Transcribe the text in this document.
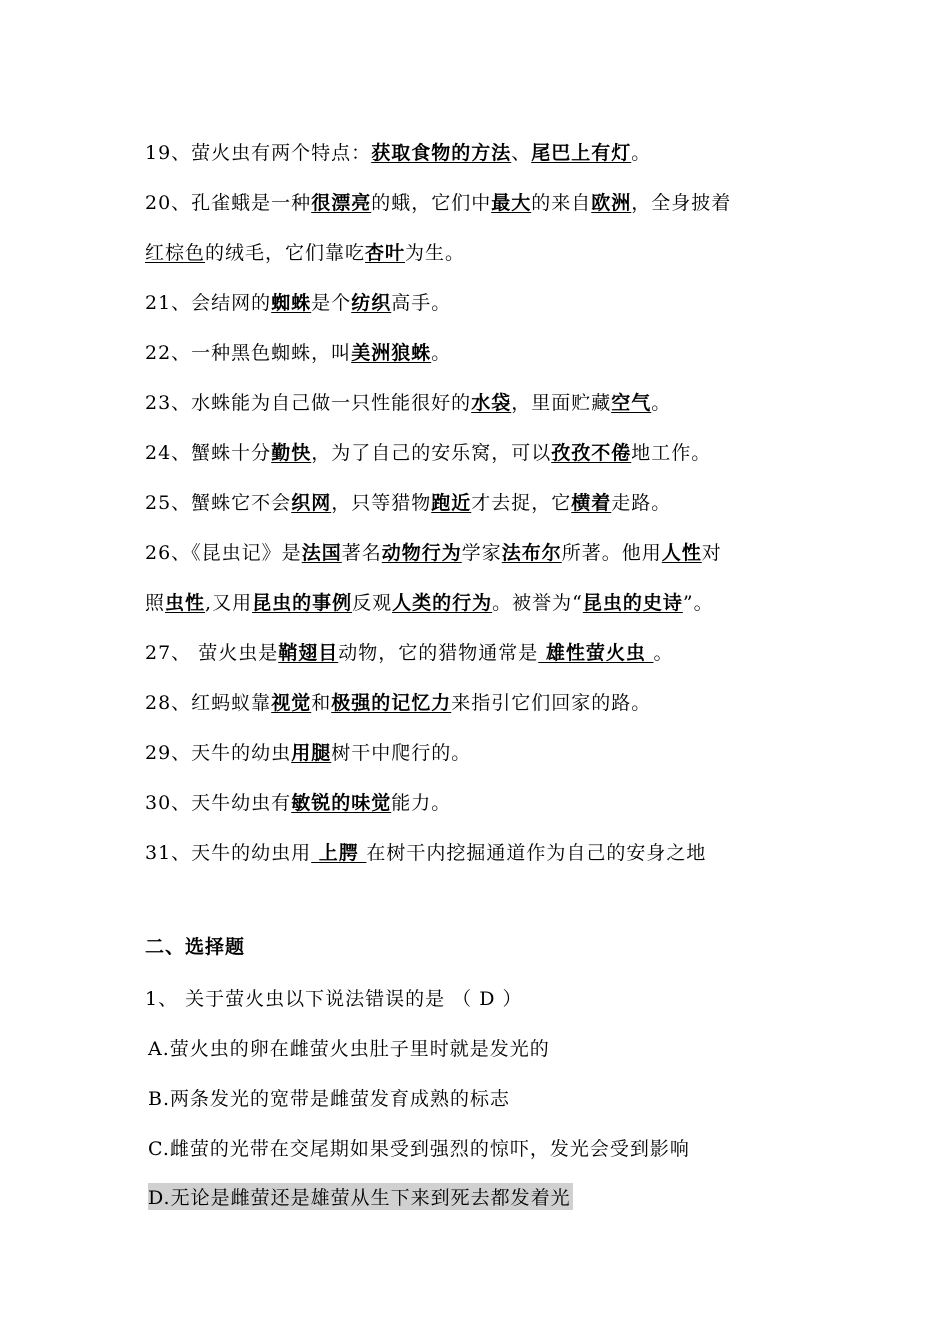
19、萤火虫有两个特点：获取食物的方法、尾巴上有灯。
20、孔雀蛾是一种很漂亮的蛾，它们中最大的来自欧洲，全身披着
红棕色的绒毛，它们靠吃杏叶为生。
21、会结网的蜘蛛是个纺织高手。
22、一种黑色蜘蛛，叫美洲狼蛛。
23、水蛛能为自己做一只性能很好的水袋，里面贮藏空气。
24、蟹蛛十分勤快，为了自己的安乐窝，可以孜孜不倦地工作。
25、蟹蛛它不会织网，只等猎物跑近才去捉，它横着走路。
26、《昆虫记》是法国著名动物行为学家法布尔所著。他用人性对
照虫性,又用昆虫的事例反观人类的行为。被誉为“昆虫的史诗”。
27、 萤火虫是鞘翅目动物，它的猎物通常是 雄性萤火虫 。
28、红蚂蚁靠视觉和极强的记忆力来指引它们回家的路。
29、天牛的幼虫用腿树干中爬行的。
30、天牛幼虫有敏锐的味觉能力。
31、天牛的幼虫用 上腭 在树干内挖掘通道作为自己的安身之地
二、选择题
1、 关于萤火虫以下说法错误的是 （ D ）
A.萤火虫的卵在雌萤火虫肚子里时就是发光的
B.两条发光的宽带是雌萤发育成熟的标志
C.雌萤的光带在交尾期如果受到强烈的惊吓，发光会受到影响
D.无论是雌萤还是雄萤从生下来到死去都发着光
